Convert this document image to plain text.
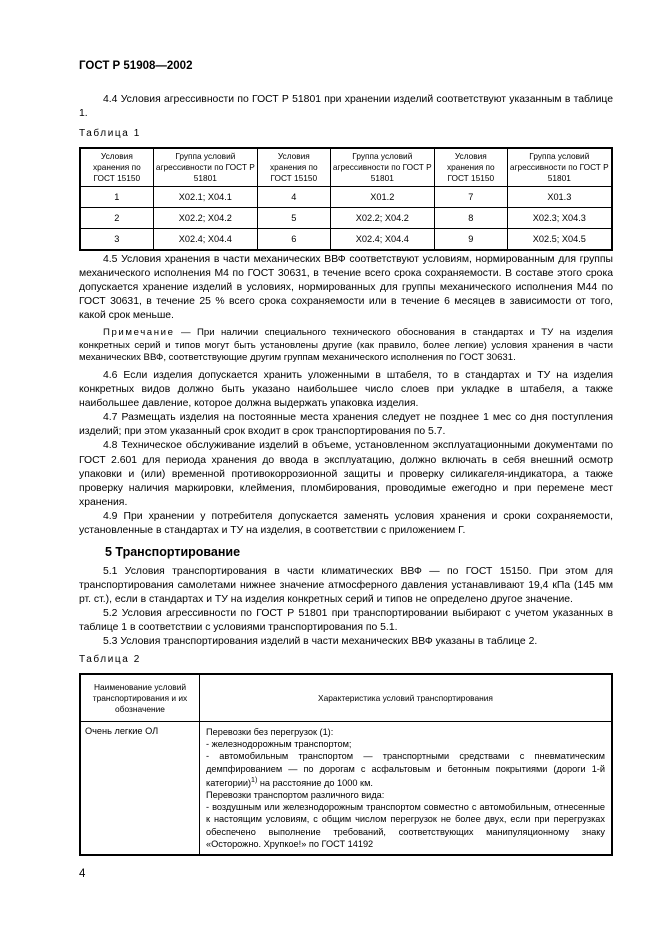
ГОСТ Р 51908—2002

4.4 Условия агрессивности по ГОСТ Р 51801 при хранении изделий соответствуют указанным в таблице 1.

Таблица 1
Условия хранения по ГОСТ 15150	Группа условий агрессивности по ГОСТ Р 51801	Условия хранения по ГОСТ 15150	Группа условий агрессивности по ГОСТ Р 51801	Условия хранения по ГОСТ 15150	Группа условий агрессивности по ГОСТ Р 51801
1	Х02.1; Х04.1	4	Х01.2	7	Х01.3
2	Х02.2; Х04.2	5	Х02.2; Х04.2	8	Х02.3; Х04.3
3	Х02.4; Х04.4	6	Х02.4; Х04.4	9	Х02.5; Х04.5

4.5 Условия хранения в части механических ВВФ соответствуют условиям, нормированным для группы механического исполнения М4 по ГОСТ 30631, в течение всего срока сохраняемости. В составе этого срока допускается хранение изделий в условиях, нормированных для группы механического исполнения М44 по ГОСТ 30631, в течение 25 % всего срока сохраняемости или в течение 6 месяцев в зависимости от того, какой срок меньше.

Примечание — При наличии специального технического обоснования в стандартах и ТУ на изделия конкретных серий и типов могут быть установлены другие (как правило, более легкие) условия хранения в части механических ВВФ, соответствующие другим группам механического исполнения по ГОСТ 30631.

4.6 Если изделия допускается хранить уложенными в штабеля, то в стандартах и ТУ на изделия конкретных видов должно быть указано наибольшее число слоев при укладке в штабеля, а также наибольшее давление, которое должна выдержать упаковка изделия.

4.7 Размещать изделия на постоянные места хранения следует не позднее 1 мес со дня поступления изделий; при этом указанный срок входит в срок транспортирования по 5.7.

4.8 Техническое обслуживание изделий в объеме, установленном эксплуатационными документами по ГОСТ 2.601 для периода хранения до ввода в эксплуатацию, должно включать в себя внешний осмотр упаковки и (или) временной противокоррозионной защиты и проверку силикагеля-индикатора, а также проверку наличия маркировки, клеймения, пломбирования, проводимые ежегодно и при перемене мест хранения.

4.9 При хранении у потребителя допускается заменять условия хранения и сроки сохраняемости, установленные в стандартах и ТУ на изделия, в соответствии с приложением Г.

5 Транспортирование

5.1 Условия транспортирования в части климатических ВВФ — по ГОСТ 15150. При этом для транспортирования самолетами нижнее значение атмосферного давления устанавливают 19,4 кПа (145 мм рт. ст.), если в стандартах и ТУ на изделия конкретных серий и типов не определено другое значение.

5.2 Условия агрессивности по ГОСТ Р 51801 при транспортировании выбирают с учетом указанных в таблице 1 в соответствии с условиями транспортирования по 5.1.

5.3 Условия транспортирования изделий в части механических ВВФ указаны в таблице 2.

Таблица 2
Наименование условий транспортирования и их обозначение	Характеристика условий транспортирования
Очень легкие ОЛ	Перевозки без перегрузок (1):
- железнодорожным транспортом;
- автомобильным транспортом — транспортными средствами с пневматическим демпфированием — по дорогам с асфальтовым и бетонным покрытиями (дороги 1-й категории)$^{1)}$ на расстояние до 1000 км.
Перевозки транспортом различного вида:
- воздушным или железнодорожным транспортом совместно с автомобильным, отнесенные к настоящим условиям, с общим числом перегрузок не более двух, если при перегрузках обеспечено выполнение требований, соответствующих манипуляционному знаку «Осторожно. Хрупкое!» по ГОСТ 14192
4
